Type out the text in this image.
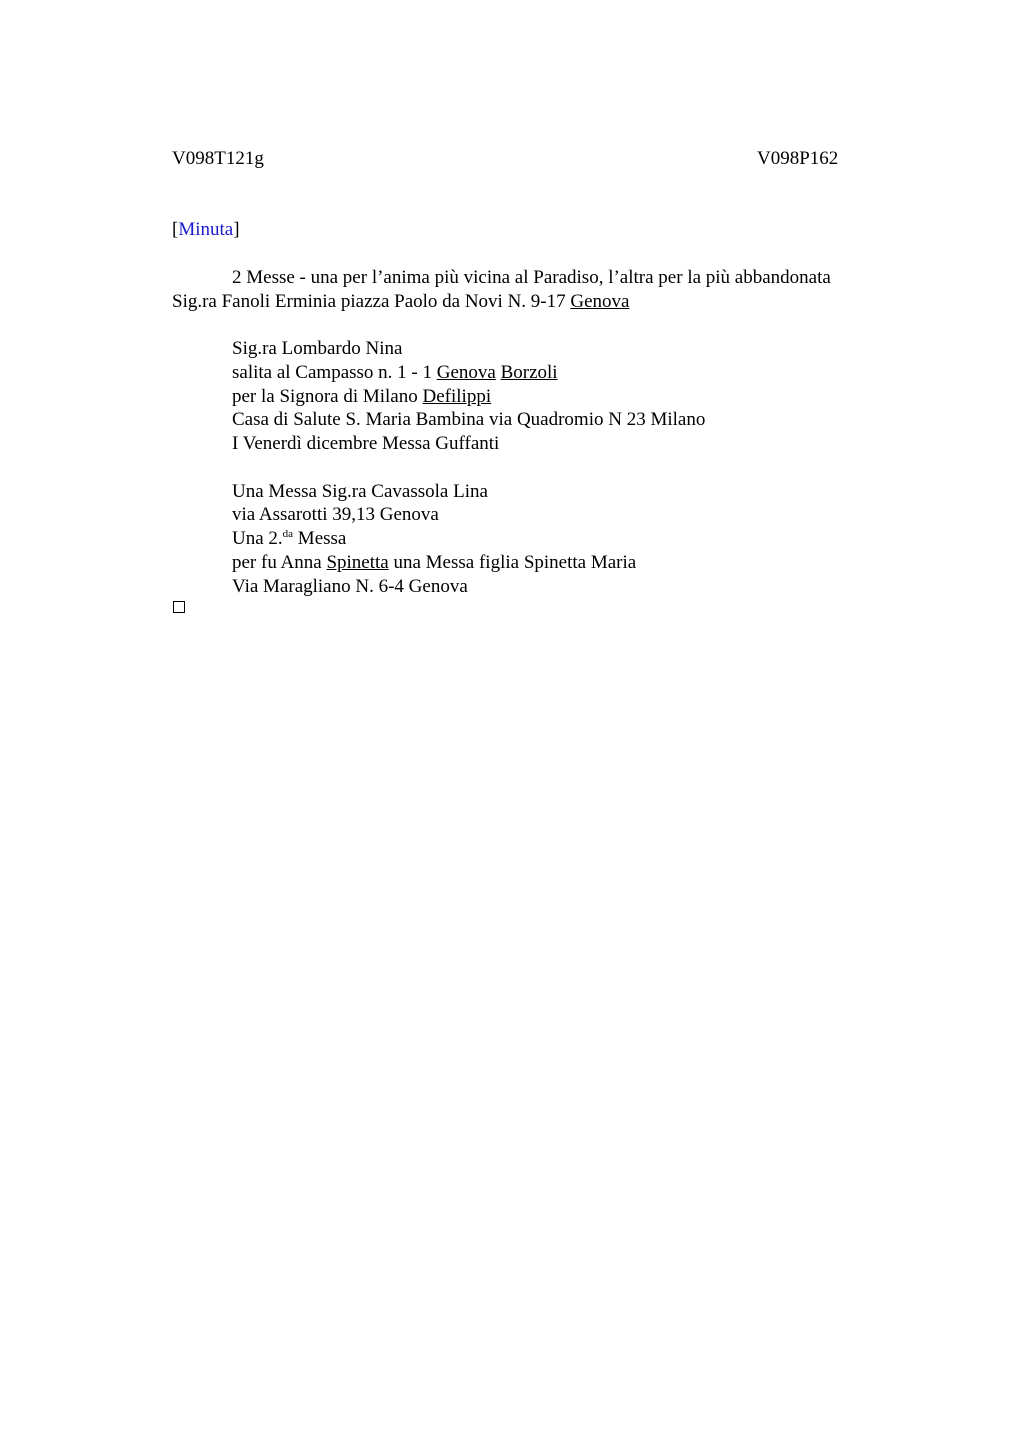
V098T121g	V098P162
[Minuta]
2 Messe - una per l’anima più vicina al Paradiso, l’altra per la più abbandonata
Sig.ra Fanoli Erminia piazza Paolo da Novi N. 9-17 Genova
Sig.ra Lombardo Nina
salita al Campasso n. 1 - 1 Genova Borzoli
per la Signora di Milano Defilippi
Casa di Salute S. Maria Bambina via Quadromio N 23 Milano
I Venerdì dicembre Messa Guffanti
Una Messa Sig.ra Cavassola Lina
via Assarotti 39,13 Genova
Una 2.$^{da}$ Messa
per fu Anna Spinetta una Messa figlia Spinetta Maria
Via Maragliano N. 6-4 Genova
